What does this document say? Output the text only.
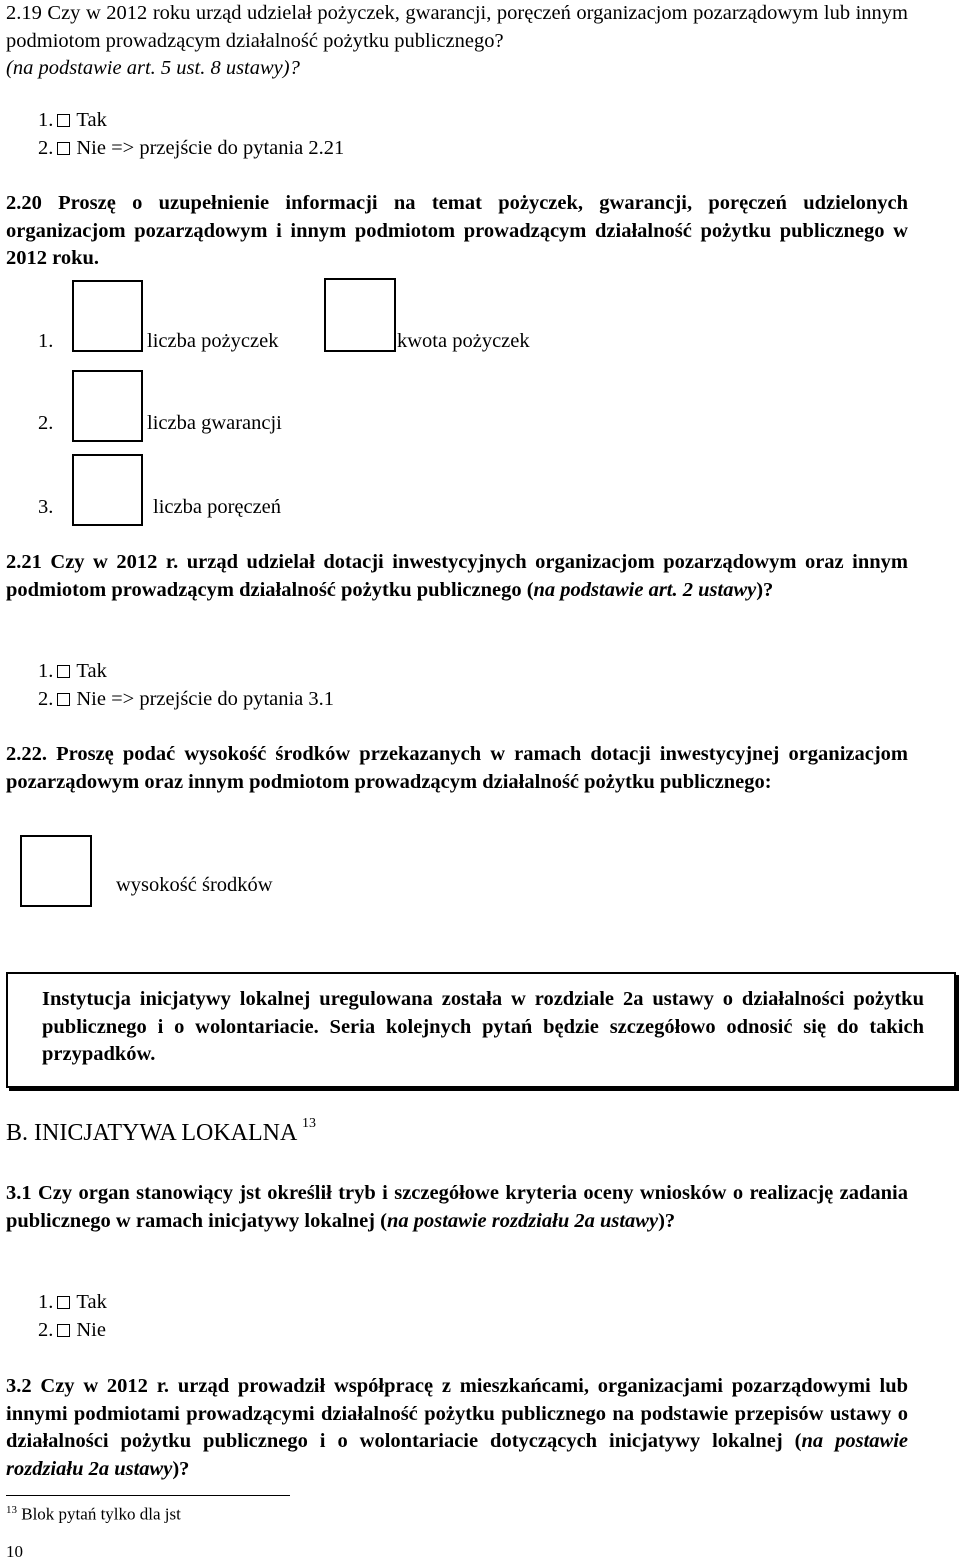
2.19 Czy w 2012 roku urząd udzielał pożyczek, gwarancji, poręczeń organizacjom pozarządowym lub innym podmiotom prowadzącym działalność pożytku publicznego?
(na podstawie art. 5 ust. 8 ustawy)?
1. Tak
2. Nie => przejście do pytania 2.21
2.20 Proszę o uzupełnienie informacji na temat pożyczek, gwarancji, poręczeń udzielonych organizacjom pozarządowym i innym podmiotom prowadzącym działalność pożytku publicznego w 2012 roku.
1.	liczba pożyczek	kwota pożyczek
2.	liczba gwarancji
3.	liczba poręczeń
2.21 Czy w 2012 r. urząd udzielał dotacji inwestycyjnych organizacjom pozarządowym oraz innym podmiotom prowadzącym działalność pożytku publicznego (na podstawie art. 2 ustawy)?
1. Tak
2. Nie => przejście do pytania 3.1
2.22. Proszę podać wysokość środków przekazanych w ramach dotacji inwestycyjnej organizacjom pozarządowym oraz innym podmiotom prowadzącym działalność pożytku publicznego:
wysokość środków
Instytucja inicjatywy lokalnej uregulowana została w rozdziale 2a ustawy o działalności pożytku publicznego i o wolontariacie. Seria kolejnych pytań będzie szczegółowo odnosić się do takich przypadków.
B. INICJATYWA LOKALNA $^{13}$
3.1 Czy organ stanowiący jst określił tryb i szczegółowe kryteria oceny wniosków o realizację zadania publicznego w ramach inicjatywy lokalnej (na postawie rozdziału 2a ustawy)?
1. Tak
2. Nie
3.2 Czy w 2012 r. urząd prowadził współpracę z mieszkańcami, organizacjami pozarządowymi lub innymi podmiotami prowadzącymi działalność pożytku publicznego na podstawie przepisów ustawy o działalności pożytku publicznego i o wolontariacie dotyczących inicjatywy lokalnej (na postawie rozdziału 2a ustawy)?
$^{13}$ Blok pytań tylko dla jst
10
